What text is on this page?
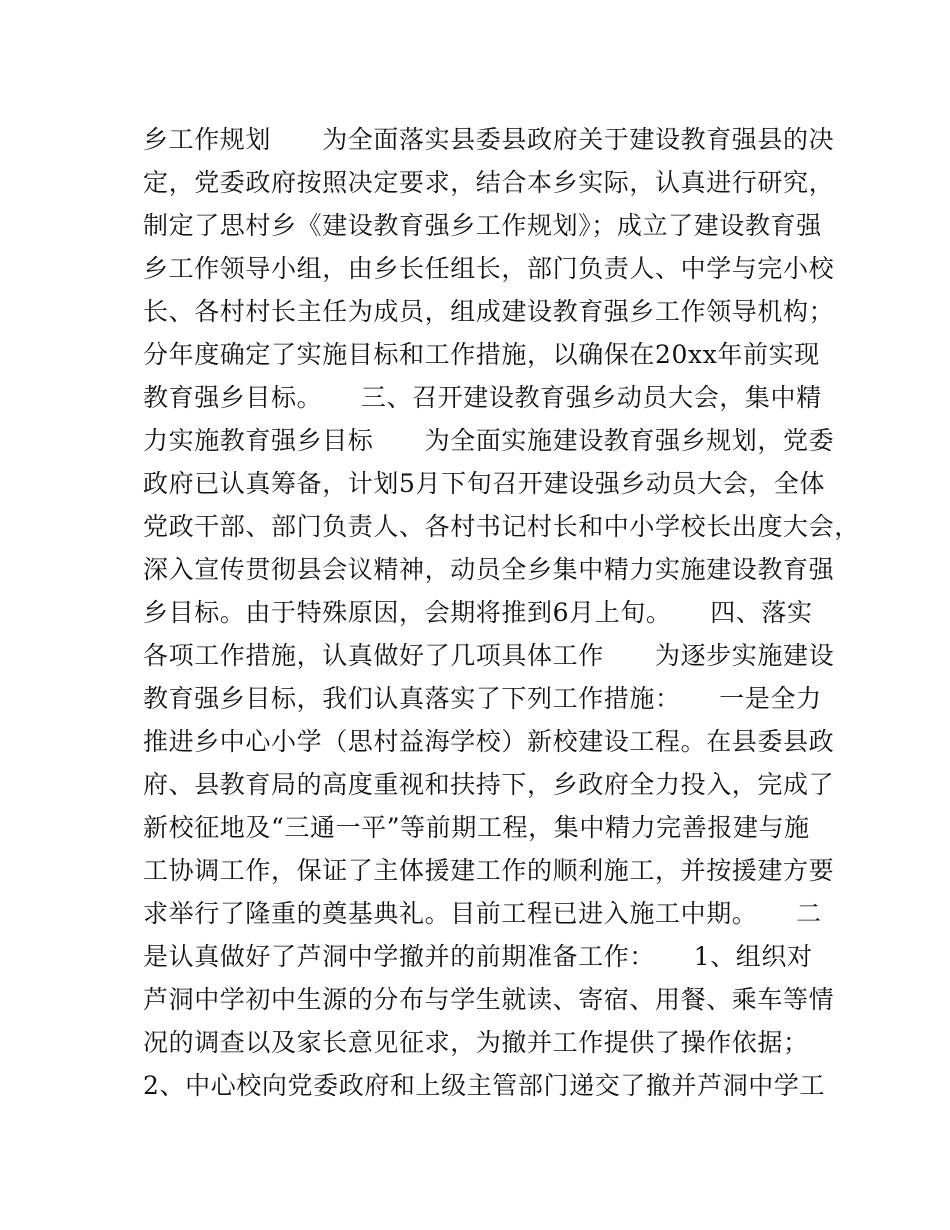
乡工作规划　　为全面落实县委县政府关于建设教育强县的决
定，党委政府按照决定要求，结合本乡实际，认真进行研究，
制定了思村乡《建设教育强乡工作规划》；成立了建设教育强
乡工作领导小组，由乡长任组长，部门负责人、中学与完小校
长、各村村长主任为成员，组成建设教育强乡工作领导机构；
分年度确定了实施目标和工作措施，以确保在20xx年前实现
教育强乡目标。　　三、召开建设教育强乡动员大会，集中精
力实施教育强乡目标　　为全面实施建设教育强乡规划，党委
政府已认真筹备，计划5月下旬召开建设强乡动员大会，全体
党政干部、部门负责人、各村书记村长和中小学校长出度大会，
深入宣传贯彻县会议精神，动员全乡集中精力实施建设教育强
乡目标。由于特殊原因，会期将推到6月上旬。　　四、落实
各项工作措施，认真做好了几项具体工作　　为逐步实施建设
教育强乡目标，我们认真落实了下列工作措施：　　一是全力
推进乡中心小学（思村益海学校）新校建设工程。在县委县政
府、县教育局的高度重视和扶持下，乡政府全力投入，完成了
新校征地及“三通一平”等前期工程，集中精力完善报建与施
工协调工作，保证了主体援建工作的顺利施工，并按援建方要
求举行了隆重的奠基典礼。目前工程已进入施工中期。　　二
是认真做好了芦洞中学撤并的前期准备工作：　　1、组织对
芦洞中学初中生源的分布与学生就读、寄宿、用餐、乘车等情
况的调查以及家长意见征求，为撤并工作提供了操作依据；
2、中心校向党委政府和上级主管部门递交了撤并芦洞中学工
